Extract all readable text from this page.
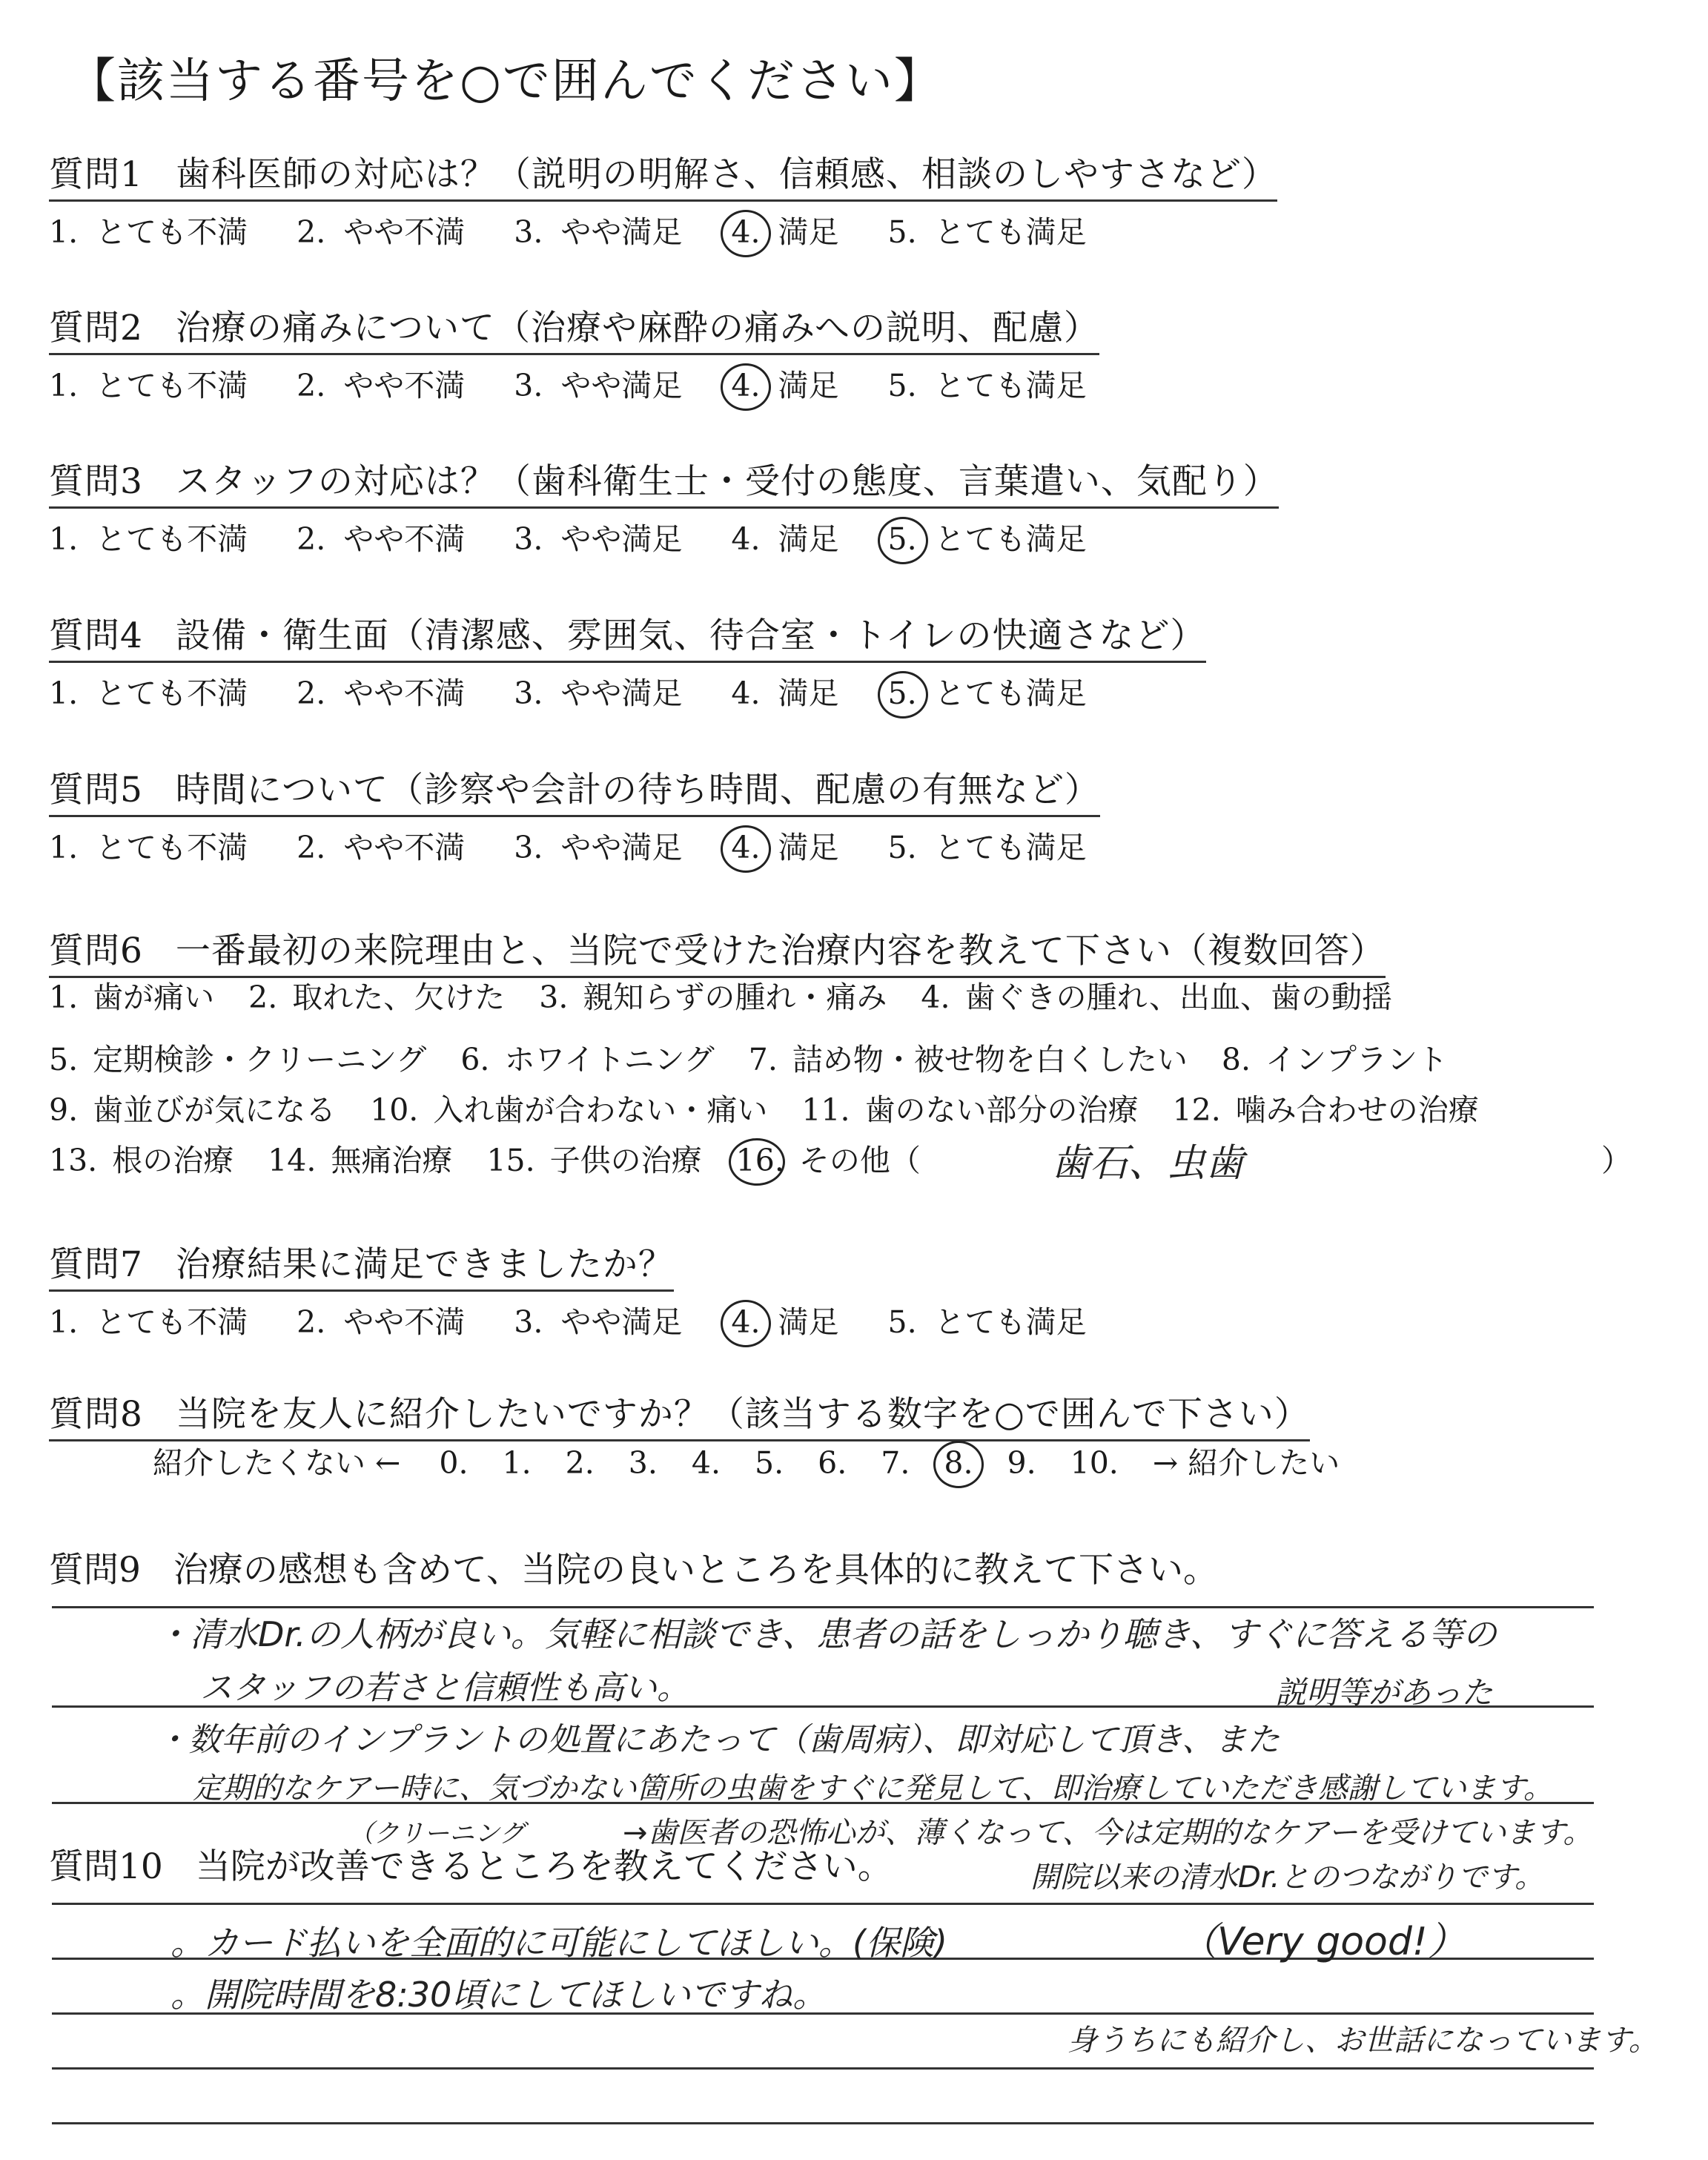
【該当する番号を○で囲んでください】
質問1 歯科医師の対応は？（説明の明解さ、信頼感、相談のしやすさなど）
1. とても不満 2. やや不満 3. やや満足 4. 満足 5. とても満足
質問2 治療の痛みについて（治療や麻酔の痛みへの説明、配慮）
1. とても不満 2. やや不満 3. やや満足 4. 満足 5. とても満足
質問3 スタッフの対応は？（歯科衛生士・受付の態度、言葉遣い、気配り）
1. とても不満 2. やや不満 3. やや満足 4. 満足 5. とても満足
質問4 設備・衛生面（清潔感、雰囲気、待合室・トイレの快適さなど）
1. とても不満 2. やや不満 3. やや満足 4. 満足 5. とても満足
質問5 時間について（診察や会計の待ち時間、配慮の有無など）
1. とても不満 2. やや不満 3. やや満足 4. 満足 5. とても満足
質問6 一番最初の来院理由と、当院で受けた治療内容を教えて下さい（複数回答）
1. 歯が痛い 2. 取れた、欠けた 3. 親知らずの腫れ・痛み 4. 歯ぐきの腫れ、出血、歯の動揺
5. 定期検診・クリーニング 6. ホワイトニング 7. 詰め物・被せ物を白くしたい 8. インプラント
9. 歯並びが気になる 10. 入れ歯が合わない・痛い 11. 歯のない部分の治療 12. 噛み合わせの治療
13. 根の治療 14. 無痛治療 15. 子供の治療 16. その他（	歯石、虫歯	）
質問7 治療結果に満足できましたか？
1. とても不満 2. やや不満 3. やや満足 4. 満足 5. とても満足
質問8 当院を友人に紹介したいですか？（該当する数字を○で囲んで下さい）
紹介したくない ← 0. 1. 2. 3. 4. 5. 6. 7. 8. 9. 10. → 紹介したい
質問9 治療の感想も含めて、当院の良いところを具体的に教えて下さい。
・清水Dr.の人柄が良い。気軽に相談でき、患者の話をしっかり聴き、すぐに答える等の
スタッフの若さと信頼性も高い。	説明等があった
・数年前のインプラントの処置にあたって（歯周病）、即対応して頂き、また
定期的なケアー時に、気づかない箇所の虫歯をすぐに発見して、即治療していただき感謝しています。
（クリーニング	→歯医者の恐怖心が、薄くなって、今は定期的なケアーを受けています。
質問10 当院が改善できるところを教えてください。	開院以来の清水Dr.とのつながりです。
（Very good!）
。カード払いを全面的に可能にしてほしい。(保険)
。開院時間を8:30頃にしてほしいですね。
身うちにも紹介し、お世話になっています。
